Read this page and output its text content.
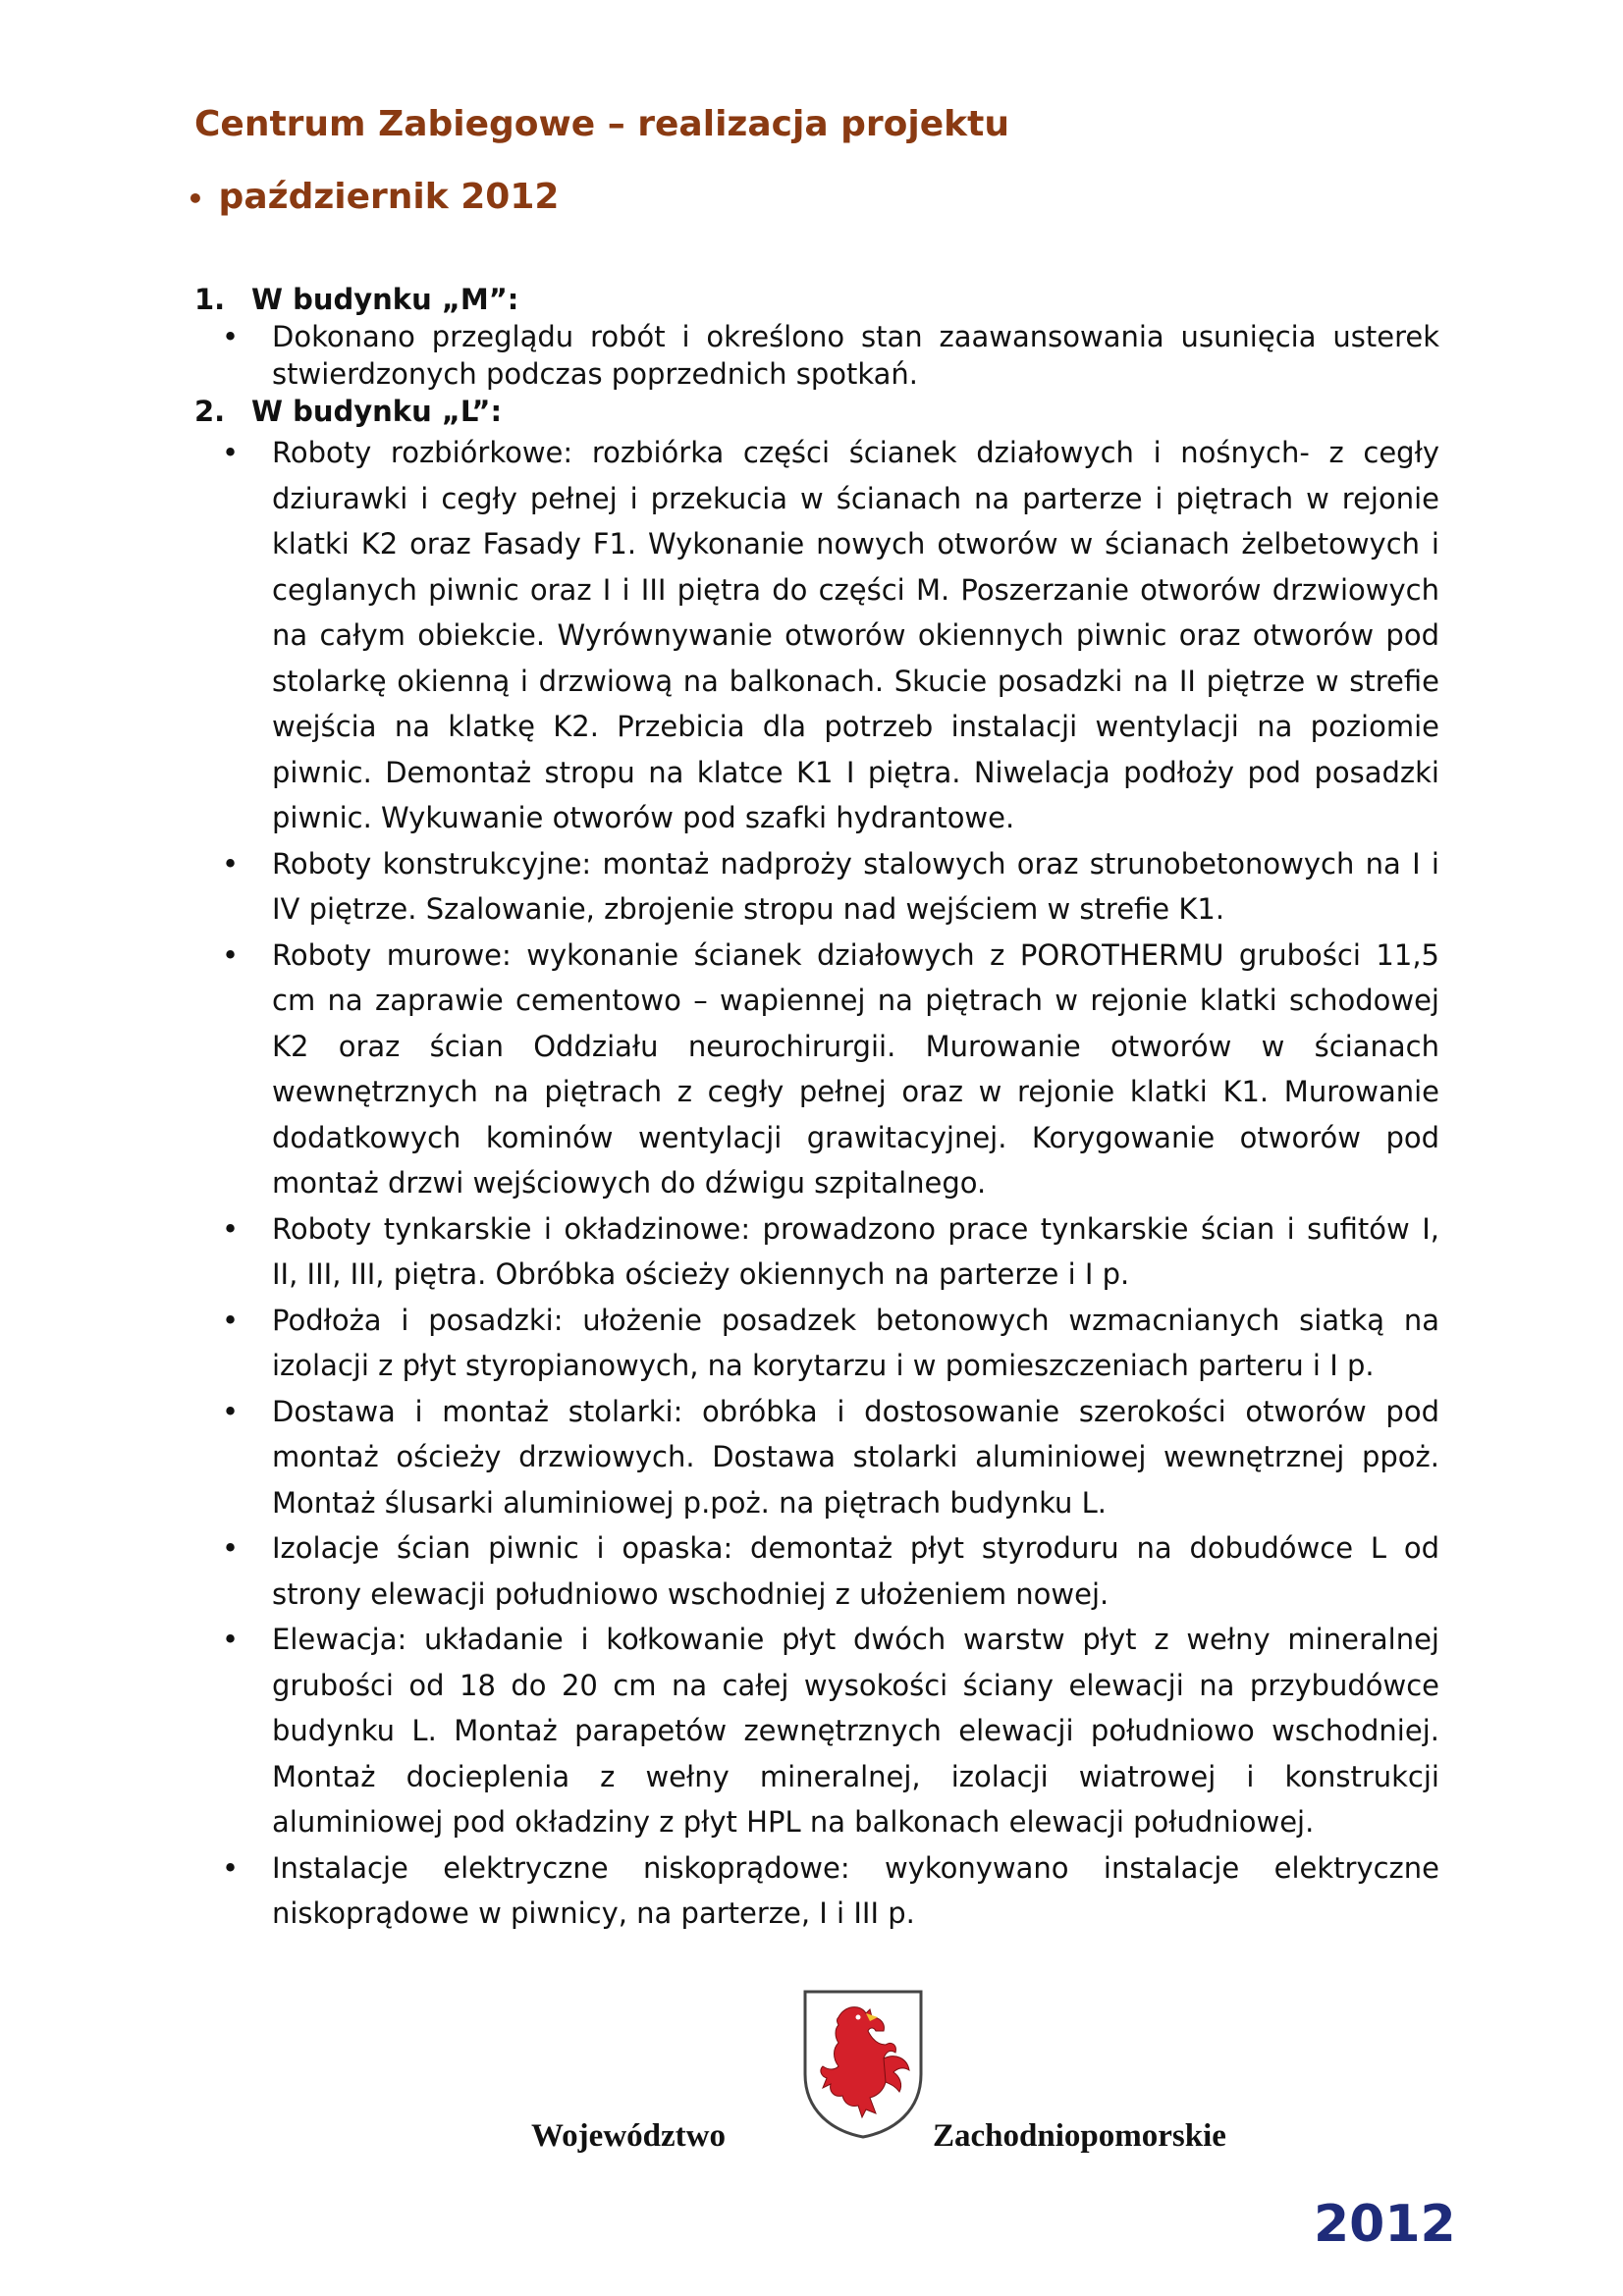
Centrum Zabiegowe – realizacja projektu
• październik 2012
1. W budynku „M”:
•	Dokonano przeglądu robót i określono stan zaawansowania usunięcia usterek stwierdzonych podczas poprzednich spotkań.
2. W budynku „L”:
•	Roboty rozbiórkowe: rozbiórka części ścianek działowych i nośnych- z cegły dziurawki i cegły pełnej i przekucia w ścianach na parterze i piętrach w rejonie klatki K2 oraz Fasady F1. Wykonanie nowych otworów w ścianach żelbetowych i ceglanych piwnic oraz I i III piętra do części M. Poszerzanie otworów drzwiowych na całym obiekcie. Wyrównywanie otworów okiennych piwnic oraz otworów pod stolarkę okienną i drzwiową na balkonach. Skucie posadzki na II piętrze w strefie wejścia na klatkę K2. Przebicia dla potrzeb instalacji wentylacji na poziomie piwnic. Demontaż stropu na klatce K1 I piętra. Niwelacja podłoży pod posadzki piwnic. Wykuwanie otworów pod szafki hydrantowe.
•	Roboty konstrukcyjne: montaż nadproży stalowych oraz strunobetonowych na I i IV piętrze. Szalowanie, zbrojenie stropu nad wejściem w strefie K1.
•	Roboty murowe: wykonanie ścianek działowych z POROTHERMU grubości 11,5 cm na zaprawie cementowo – wapiennej na piętrach w rejonie klatki schodowej K2 oraz ścian Oddziału neurochirurgii. Murowanie otworów w ścianach wewnętrznych na piętrach z cegły pełnej oraz w rejonie klatki K1. Murowanie dodatkowych kominów wentylacji grawitacyjnej. Korygowanie otworów pod montaż drzwi wejściowych do dźwigu szpitalnego.
•	Roboty tynkarskie i okładzinowe: prowadzono prace tynkarskie ścian i sufitów I, II, III, III, piętra. Obróbka ościeży okiennych na parterze i I p.
•	Podłoża i posadzki: ułożenie posadzek betonowych wzmacnianych siatką na izolacji z płyt styropianowych, na korytarzu i w pomieszczeniach parteru i I p.
•	Dostawa i montaż stolarki: obróbka i dostosowanie szerokości otworów pod montaż ościeży drzwiowych. Dostawa stolarki aluminiowej wewnętrznej ppoż. Montaż ślusarki aluminiowej p.poż. na piętrach budynku L.
•	Izolacje ścian piwnic i opaska: demontaż płyt styroduru na dobudówce L od strony elewacji południowo wschodniej z ułożeniem nowej.
•	Elewacja: układanie i kołkowanie płyt dwóch warstw płyt z wełny mineralnej grubości od 18 do 20 cm na całej wysokości ściany elewacji na przybudówce budynku L. Montaż parapetów zewnętrznych elewacji południowo wschodniej. Montaż docieplenia z wełny mineralnej, izolacji wiatrowej i konstrukcji aluminiowej pod okładziny z płyt HPL na balkonach elewacji południowej.
•	Instalacje elektryczne niskoprądowe: wykonywano instalacje elektryczne niskoprądowe w piwnicy, na parterze, I i III p.
Województwo	Zachodniopomorskie
2012
